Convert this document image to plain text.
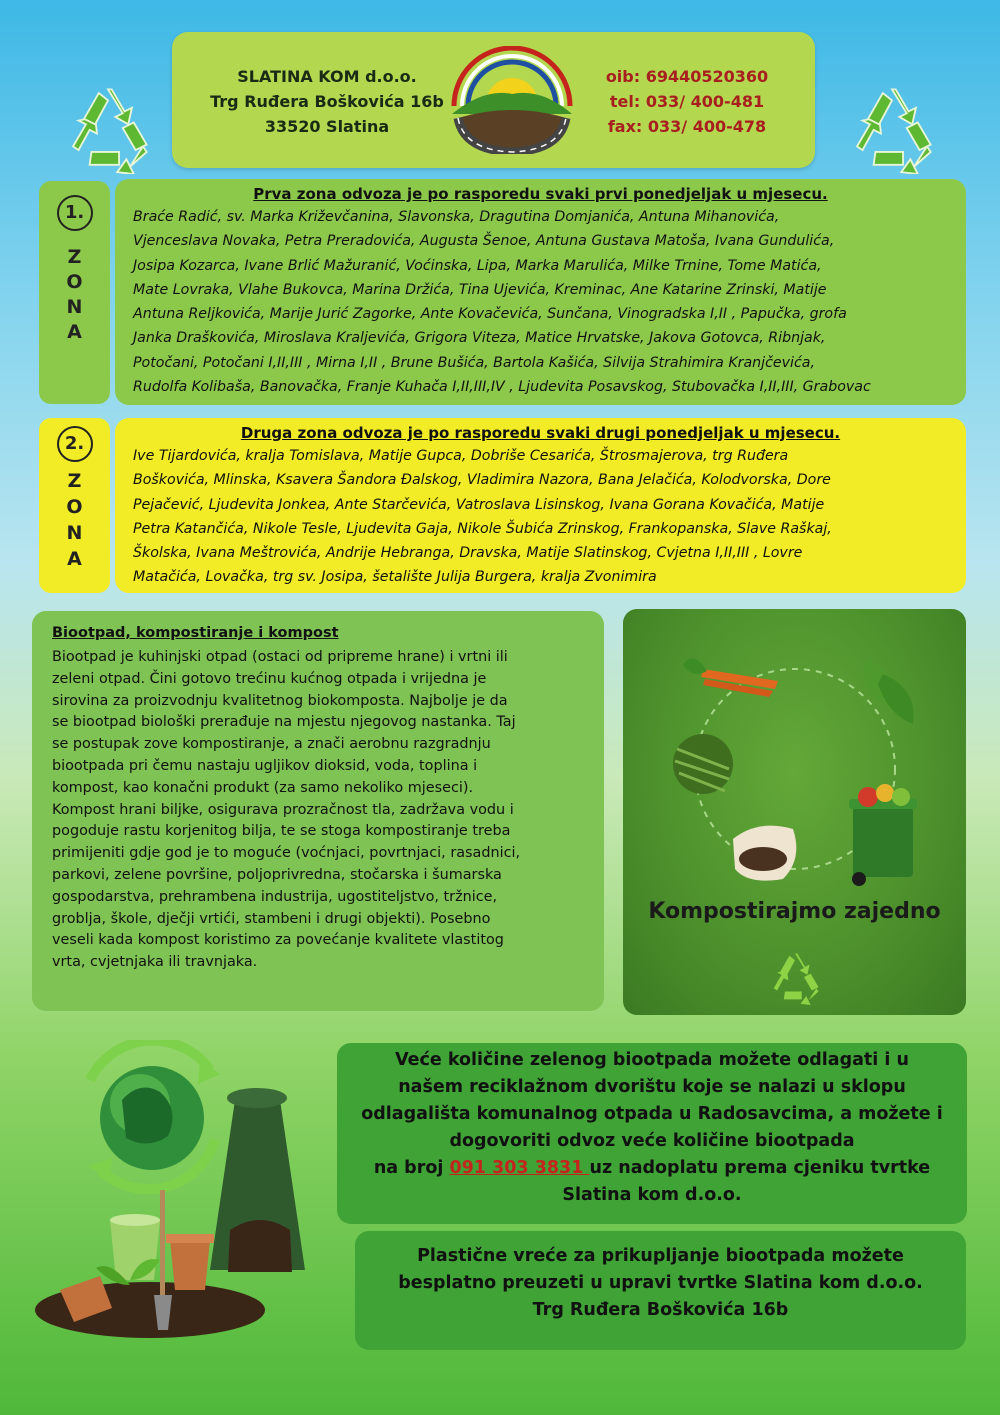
SLATINA KOM d.o.o.
Trg Ruđera Boškovića 16b
33520 Slatina
oib: 69440520360
tel: 033/ 400-481
fax: 033/ 400-478
1.
Z
O
N
A
Prva zona odvoza je po rasporedu svaki prvi ponedjeljak u mjesecu.
Braće Radić, sv. Marka Križevčanina, Slavonska, Dragutina Domjanića, Antuna Mihanovića,
Vjenceslava Novaka, Petra Preradovića, Augusta Šenoe, Antuna Gustava Matoša, Ivana Gundulića,
Josipa Kozarca, Ivane Brlić Mažuranić, Voćinska, Lipa, Marka Marulića, Milke Trnine, Tome Matića,
Mate Lovraka, Vlahe Bukovca, Marina Držića, Tina Ujevića, Kreminac, Ane Katarine Zrinski, Matije
Antuna Reljkovića, Marije Jurić Zagorke, Ante Kovačevića, Sunčana, Vinogradska I,II , Papučka, grofa
Janka Draškovića, Miroslava Kraljevića, Grigora Viteza, Matice Hrvatske, Jakova Gotovca, Ribnjak,
Potočani, Potočani I,II,III , Mirna I,II , Brune Bušića, Bartola Kašića, Silvija Strahimira Kranjčevića,
Rudolfa Kolibaša, Banovačka, Franje Kuhača I,II,III,IV , Ljudevita Posavskog, Stubovačka I,II,III, Grabovac
2.
Z
O
N
A
Druga zona odvoza je po rasporedu svaki drugi ponedjeljak u mjesecu.
Ive Tijardovića, kralja Tomislava, Matije Gupca, Dobriše Cesarića, Štrosmajerova, trg Ruđera
Boškovića, Mlinska, Ksavera Šandora Đalskog, Vladimira Nazora, Bana Jelačića, Kolodvorska, Dore
Pejačević, Ljudevita Jonkea, Ante Starčevića, Vatroslava Lisinskog, Ivana Gorana Kovačića, Matije
Petra Katančića, Nikole Tesle, Ljudevita Gaja, Nikole Šubića Zrinskog, Frankopanska, Slave Raškaj,
Školska, Ivana Meštrovića, Andrije Hebranga, Dravska, Matije Slatinskog, Cvjetna I,II,III , Lovre
Matačića, Lovačka, trg sv. Josipa, šetalište Julija Burgera, kralja Zvonimira
Biootpad, kompostiranje i kompost
Biootpad je kuhinjski otpad (ostaci od pripreme hrane) i vrtni ili
zeleni otpad. Čini gotovo trećinu kućnog otpada i vrijedna je
sirovina za proizvodnju kvalitetnog biokomposta. Najbolje je da
se biootpad biološki prerađuje na mjestu njegovog nastanka. Taj
se postupak zove kompostiranje, a znači aerobnu razgradnju
biootpada pri čemu nastaju ugljikov dioksid, voda, toplina i
kompost, kao konačni produkt (za samo nekoliko mjeseci).
Kompost hrani biljke, osigurava prozračnost tla, zadržava vodu i
pogoduje rastu korjenitog bilja, te se stoga kompostiranje treba
primijeniti gdje god je to moguće (voćnjaci, povrtnjaci, rasadnici,
parkovi, zelene površine, poljoprivredna, stočarska i šumarska
gospodarstva, prehrambena industrija, ugostiteljstvo, tržnice,
groblja, škole, dječji vrtići, stambeni i drugi objekti). Posebno
veseli kada kompost koristimo za povećanje kvalitete vlastitog
vrta, cvjetnjaka ili travnjaka.
Kompostirajmo zajedno
Veće količine zelenog biootpada možete odlagati i u
našem reciklažnom dvorištu koje se nalazi u sklopu
odlagališta komunalnog otpada u Radosavcima, a možete i
dogovoriti odvoz veće količine biootpada
na broj 091 303 3831 uz nadoplatu prema cjeniku tvrtke
Slatina kom d.o.o.
Plastične vreće za prikupljanje biootpada možete
besplatno preuzeti u upravi tvrtke Slatina kom d.o.o.
Trg Ruđera Boškovića 16b
